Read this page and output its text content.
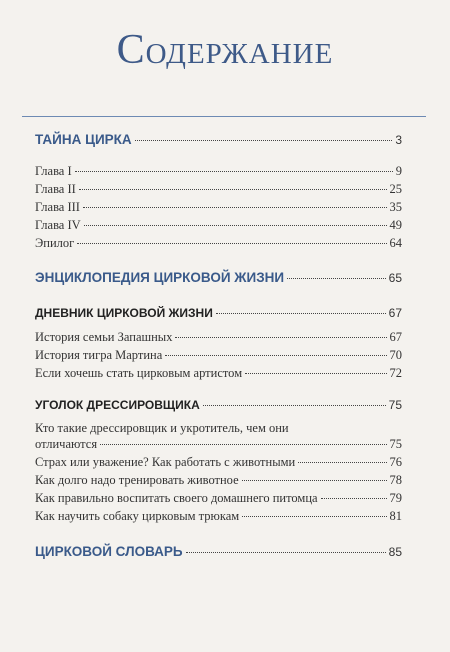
Содержание
ТАЙНА ЦИРКА	3
Глава I	9
Глава II	25
Глава III	35
Глава IV	49
Эпилог	64
ЭНЦИКЛОПЕДИЯ ЦИРКОВОЙ ЖИЗНИ	65
ДНЕВНИК ЦИРКОВОЙ ЖИЗНИ	67
История семьи Запашных	67
История тигра Мартина	70
Если хочешь стать цирковым артистом	72
УГОЛОК ДРЕССИРОВЩИКА	75
Кто такие дрессировщик и укротитель, чем они
отличаются	75
Страх или уважение? Как работать с животными	76
Как долго надо тренировать животное	78
Как правильно воспитать своего домашнего питомца	79
Как научить собаку цирковым трюкам	81
ЦИРКОВОЙ СЛОВАРЬ	85
